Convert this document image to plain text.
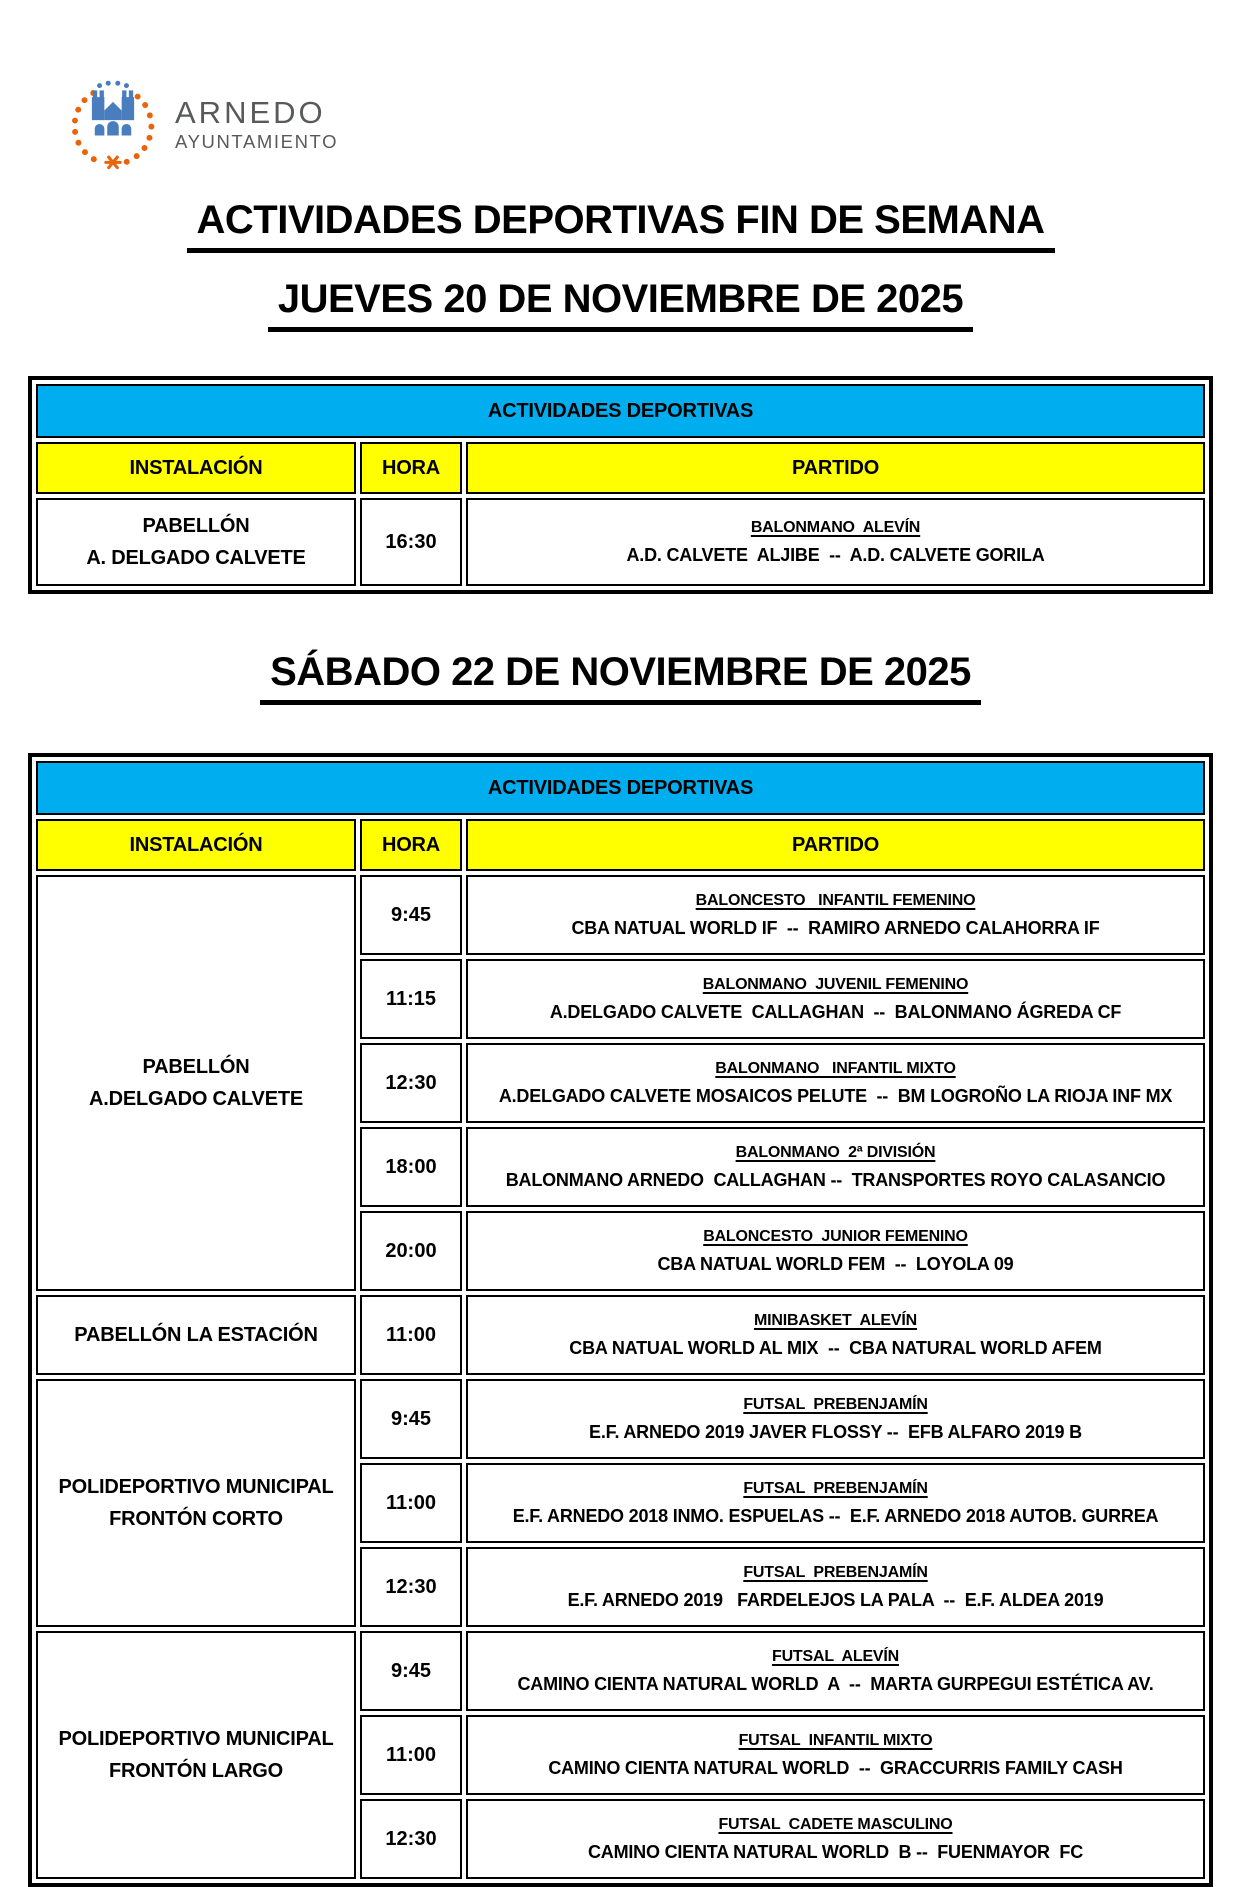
ARNEDO
AYUNTAMIENTO
ACTIVIDADES DEPORTIVAS FIN DE SEMANA
JUEVES 20 DE NOVIEMBRE DE 2025
ACTIVIDADES DEPORTIVAS		
INSTALACIÓN	HORA	PARTIDO

PABELLÓN
A. DELGADO CALVETE
	16:30	
BALONMANO  ALEVÍN
A.D. CALVETE  ALJIBE  --  A.D. CALVETE GORILA
SÁBADO 22 DE NOVIEMBRE DE 2025
ACTIVIDADES DEPORTIVAS		
INSTALACIÓN	HORA	PARTIDO

PABELLÓN
A.DELGADO CALVETE
	9:45	
BALONCESTO   INFANTIL FEMENINO
CBA NATUAL WORLD IF  --  RAMIRO ARNEDO CALAHORRA IF

	11:15	BALONMANO  JUVENIL FEMENINO
A.DELGADO CALVETE  CALLAGHAN  --  BALONMANO ÁGREDA CF

	12:30	BALONMANO   INFANTIL MIXTO
A.DELGADO CALVETE MOSAICOS PELUTE  --  BM LOGROÑO LA RIOJA INF MX

	18:00	BALONMANO  2ª DIVISIÓN
BALONMANO ARNEDO  CALLAGHAN --  TRANSPORTES ROYO CALASANCIO

	20:00	BALONCESTO  JUNIOR FEMENINO
CBA NATUAL WORLD FEM  --  LOYOLA 09

PABELLÓN LA ESTACIÓN	11:00	MINIBASKET  ALEVÍN
CBA NATUAL WORLD AL MIX  --  CBA NATURAL WORLD AFEM

POLIDEPORTIVO MUNICIPAL
FRONTÓN CORTO
	9:45	
FUTSAL  PREBENJAMÍN
E.F. ARNEDO 2019 JAVER FLOSSY --  EFB ALFARO 2019 B

	11:00	FUTSAL  PREBENJAMÍN
E.F. ARNEDO 2018 INMO. ESPUELAS --  E.F. ARNEDO 2018 AUTOB. GURREA

	12:30	FUTSAL  PREBENJAMÍN
E.F. ARNEDO 2019   FARDELEJOS LA PALA  --  E.F. ALDEA 2019

POLIDEPORTIVO MUNICIPAL
FRONTÓN LARGO
	9:45	
FUTSAL  ALEVÍN
CAMINO CIENTA NATURAL WORLD  A  --  MARTA GURPEGUI ESTÉTICA AV.

	11:00	FUTSAL  INFANTIL MIXTO
CAMINO CIENTA NATURAL WORLD  --  GRACCURRIS FAMILY CASH

	12:30	FUTSAL  CADETE MASCULINO
CAMINO CIENTA NATURAL WORLD  B --  FUENMAYOR  FC
